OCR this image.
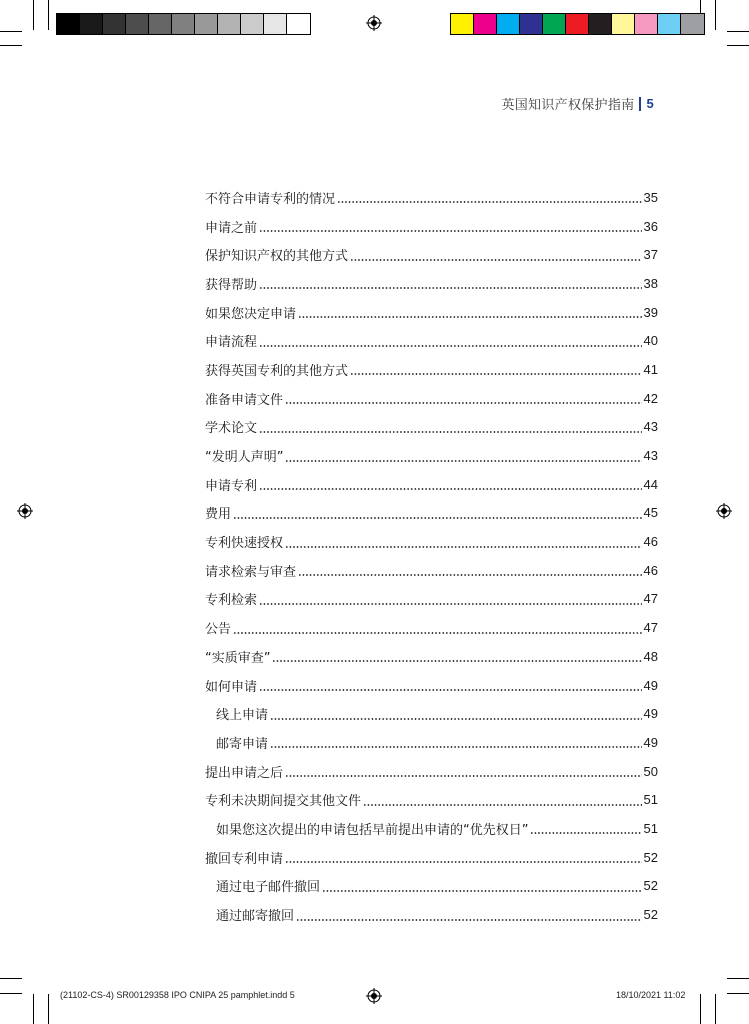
英国知识产权保护指南 5
不符合申请专利的情况	35
申请之前	36
保护知识产权的其他方式	37
获得帮助	38
如果您决定申请	39
申请流程	40
获得英国专利的其他方式	41
准备申请文件	42
学术论文	43
“发明人声明”	43
申请专利	44
费用	45
专利快速授权	46
请求检索与审查	46
专利检索	47
公告	47
“实质审查”	48
如何申请	49
线上申请	49
邮寄申请	49
提出申请之后	50
专利未决期间提交其他文件	51
如果您这次提出的申请包括早前提出申请的“优先权日”	51
撤回专利申请	52
通过电子邮件撤回	52
通过邮寄撤回	52
(21102-CS-4) SR00129358 IPO CNIPA 25 pamphlet.indd 5	18/10/2021 11:02
